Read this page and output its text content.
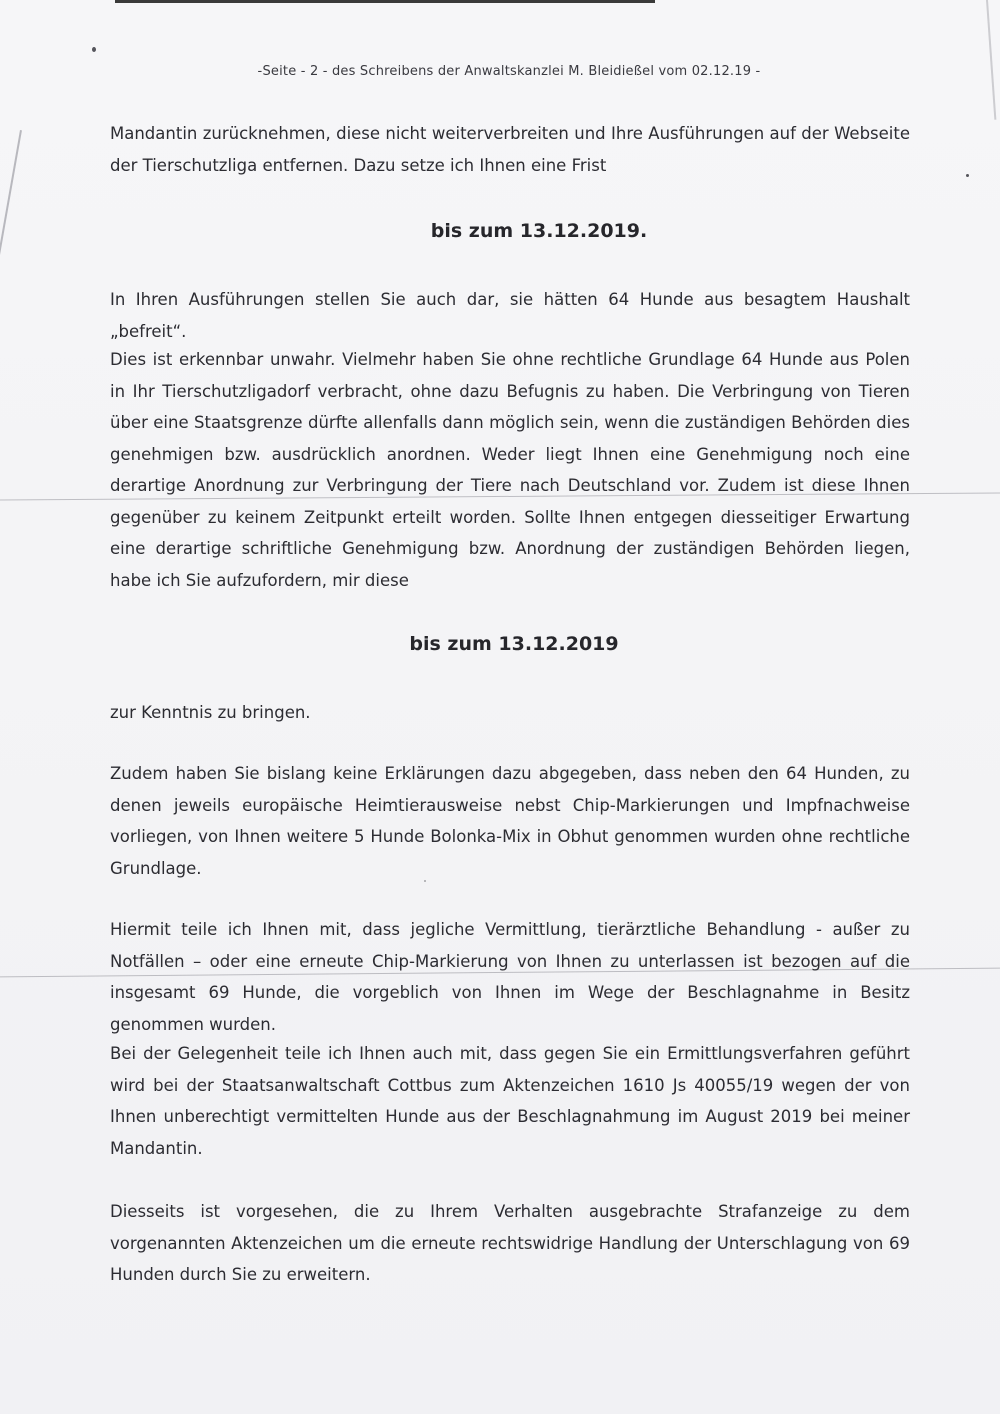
-Seite - 2 - des Schreibens der Anwaltskanzlei M. Bleidießel vom 02.12.19 -

Mandantin zurücknehmen, diese nicht weiterverbreiten und Ihre Ausführungen auf der Webseite der Tierschutzliga entfernen. Dazu setze ich Ihnen eine Frist

bis zum 13.12.2019.

In Ihren Ausführungen stellen Sie auch dar, sie hätten 64 Hunde aus besagtem Haushalt „befreit“.

Dies ist erkennbar unwahr. Vielmehr haben Sie ohne rechtliche Grundlage 64 Hunde aus Polen in Ihr Tierschutzligadorf verbracht, ohne dazu Befugnis zu haben. Die Verbringung von Tieren über eine Staatsgrenze dürfte allenfalls dann möglich sein, wenn die zuständigen Behörden dies genehmigen bzw. ausdrücklich anordnen. Weder liegt Ihnen eine Genehmigung noch eine derartige Anordnung zur Verbringung der Tiere nach Deutschland vor. Zudem ist diese Ihnen gegenüber zu keinem Zeitpunkt erteilt worden. Sollte Ihnen entgegen diesseitiger Erwartung eine derartige schriftliche Genehmigung bzw. Anordnung der zuständigen Behörden liegen, habe ich Sie aufzufordern, mir diese

bis zum 13.12.2019

zur Kenntnis zu bringen.

Zudem haben Sie bislang keine Erklärungen dazu abgegeben, dass neben den 64 Hunden, zu denen jeweils europäische Heimtierausweise nebst Chip-Markierungen und Impfnachweise vorliegen, von Ihnen weitere 5 Hunde Bolonka-Mix in Obhut genommen wurden ohne rechtliche Grundlage.

Hiermit teile ich Ihnen mit, dass jegliche Vermittlung, tierärztliche Behandlung - außer zu Notfällen – oder eine erneute Chip-Markierung von Ihnen zu unterlassen ist bezogen auf die insgesamt 69 Hunde, die vorgeblich von Ihnen im Wege der Beschlagnahme in Besitz genommen wurden.

Bei der Gelegenheit teile ich Ihnen auch mit, dass gegen Sie ein Ermittlungsverfahren geführt wird bei der Staatsanwaltschaft Cottbus zum Aktenzeichen 1610 Js 40055/19 wegen der von Ihnen unberechtigt vermittelten Hunde aus der Beschlagnahmung im August 2019 bei meiner Mandantin.

Diesseits ist vorgesehen, die zu Ihrem Verhalten ausgebrachte Strafanzeige zu dem vorgenannten Aktenzeichen um die erneute rechtswidrige Handlung der Unterschlagung von 69 Hunden durch Sie zu erweitern.
